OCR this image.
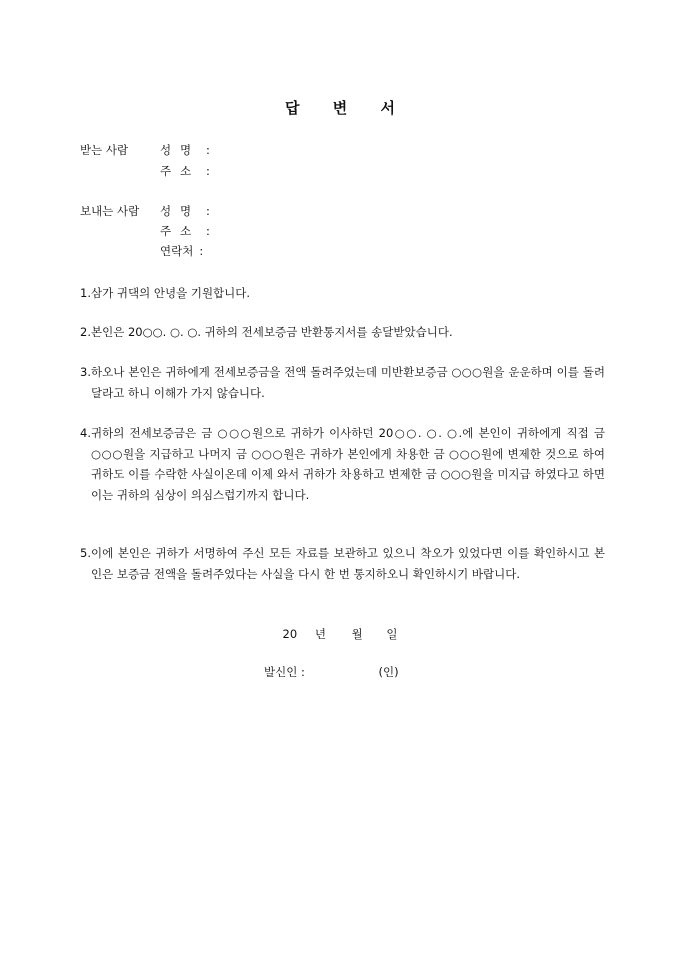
답 변 서
받는 사람	성 명 :
주 소 :
보내는 사람 성 명 :
주 소 :
연락처 :
1. 삼가 귀댁의 안녕을 기원합니다.
2. 본인은 20○○. ○. ○. 귀하의 전세보증금 반환통지서를 송달받았습니다.
3. 하오나 본인은 귀하에게 전세보증금을 전액 돌려주었는데 미반환보증금 ○○○원을 운운하며 이를 돌려달라고 하니 이해가 가지 않습니다.
4. 귀하의 전세보증금은 금 ○○○원으로 귀하가 이사하던 20○○. ○. ○.에 본인이 귀하에게 직접 금 ○○○원을 지급하고 나머지 금 ○○○원은 귀하가 본인에게 차용한 금 ○○○원에 변제한 것으로 하여 귀하도 이를 수락한 사실이온데 이제 와서 귀하가 차용하고 변제한 금 ○○○원을 미지급 하였다고 하면 이는 귀하의 심상이 의심스럽기까지 합니다.
5. 이에 본인은 귀하가 서명하여 주신 모든 자료를 보관하고 있으니 착오가 있었다면 이를 확인하시고 본인은 보증금 전액을 돌려주었다는 사실을 다시 한 번 통지하오니 확인하시기 바랍니다.
20 년 월 일
발신인 :	(인)
